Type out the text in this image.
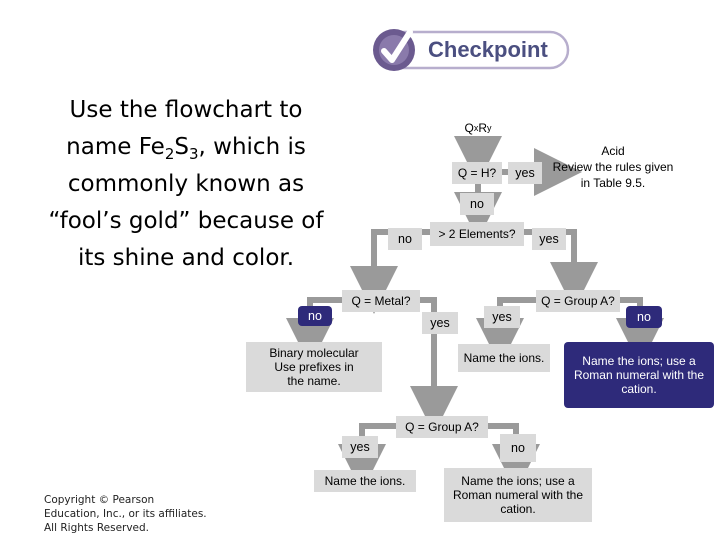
Checkpoint
Use the flowchart to
name $Fe_2S_3$, which is
commonly known as
“fool’s gold” because of
its shine and color.
Q x R y
Q = H?	yes
Acid
Review the rules given
in Table 9.5.
no
> 2 Elements?
no	yes
Q = Metal?	Q = Group A?
no	yes	yes	no
Binary molecular
Use prefixes in
the name.
Name the ions.	Name the ions; use a
Roman numeral with the
cation.
Q = Group A?
yes	no
Name the ions.	Name the ions; use a
Roman numeral with the
cation.
Copyright © Pearson
Education, Inc., or its affiliates.
All Rights Reserved.
